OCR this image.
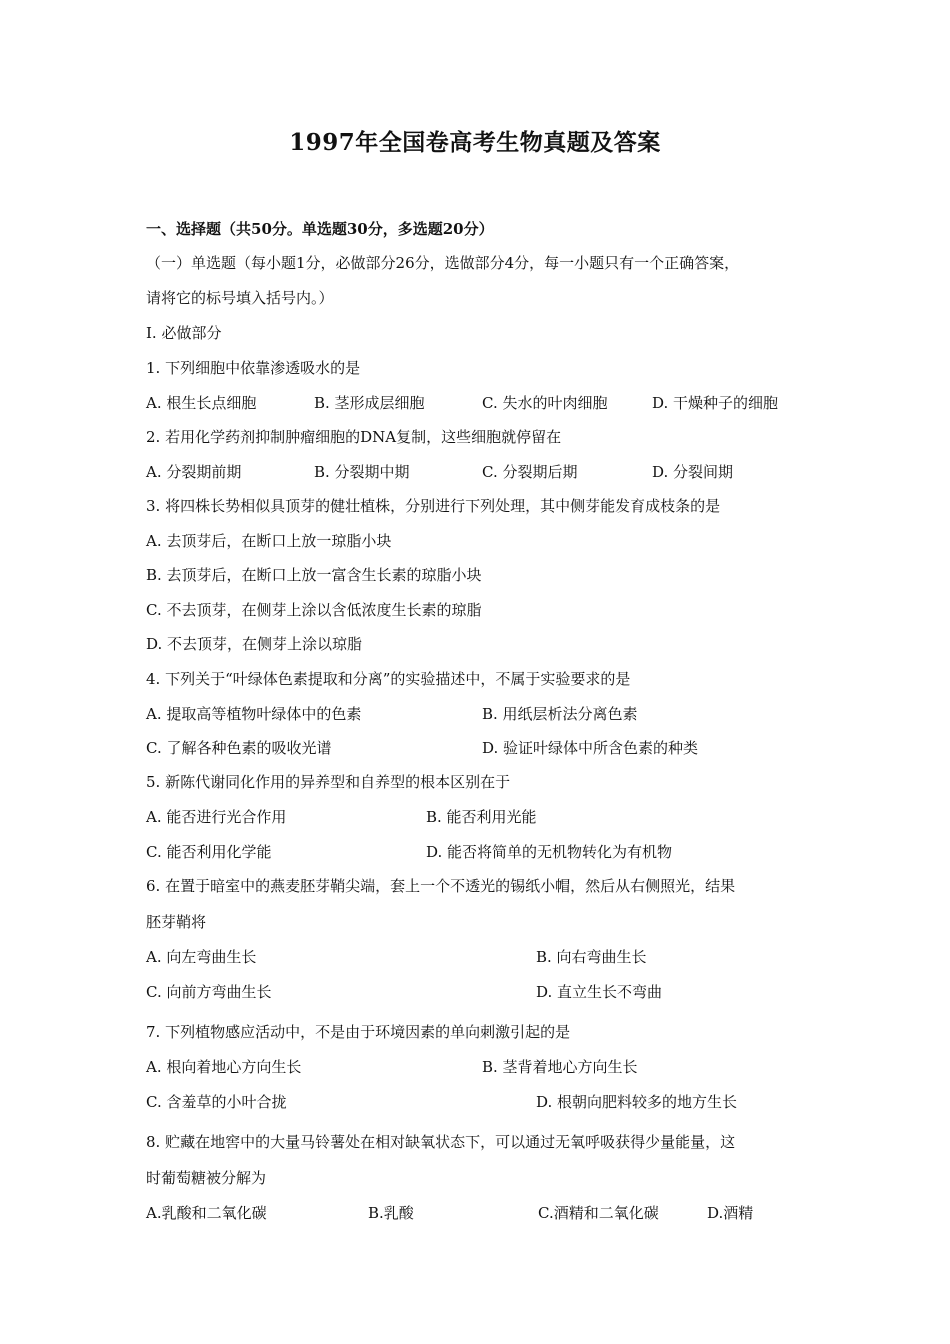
1997年全国卷高考生物真题及答案
一、选择题（共50分。单选题30分，多选题20分）
（一）单选题（每小题1分，必做部分26分，选做部分4分，每一小题只有一个正确答案，
请将它的标号填入括号内。）
I. 必做部分
1. 下列细胞中依靠渗透吸水的是
A. 根生长点细胞	B. 茎形成层细胞	C. 失水的叶肉细胞	D. 干燥种子的细胞
2. 若用化学药剂抑制肿瘤细胞的DNA复制，这些细胞就停留在
A. 分裂期前期	B. 分裂期中期	C. 分裂期后期	D. 分裂间期
3. 将四株长势相似具顶芽的健壮植株，分别进行下列处理，其中侧芽能发育成枝条的是
A. 去顶芽后，在断口上放一琼脂小块
B. 去顶芽后，在断口上放一富含生长素的琼脂小块
C. 不去顶芽，在侧芽上涂以含低浓度生长素的琼脂
D. 不去顶芽，在侧芽上涂以琼脂
4. 下列关于“叶绿体色素提取和分离”的实验描述中，不属于实验要求的是
A. 提取高等植物叶绿体中的色素	B. 用纸层析法分离色素
C. 了解各种色素的吸收光谱	D. 验证叶绿体中所含色素的种类
5. 新陈代谢同化作用的异养型和自养型的根本区别在于
A. 能否进行光合作用	B. 能否利用光能
C. 能否利用化学能	D. 能否将简单的无机物转化为有机物
6. 在置于暗室中的燕麦胚芽鞘尖端，套上一个不透光的锡纸小帽，然后从右侧照光，结果
胚芽鞘将
A. 向左弯曲生长	B. 向右弯曲生长
C. 向前方弯曲生长	D. 直立生长不弯曲
7. 下列植物感应活动中，不是由于环境因素的单向刺激引起的是
A. 根向着地心方向生长	B. 茎背着地心方向生长
C. 含羞草的小叶合拢	D. 根朝向肥料较多的地方生长
8. 贮藏在地窖中的大量马铃薯处在相对缺氧状态下，可以通过无氧呼吸获得少量能量，这
时葡萄糖被分解为
A.乳酸和二氧化碳	B.乳酸	C.酒精和二氧化碳	D.酒精
